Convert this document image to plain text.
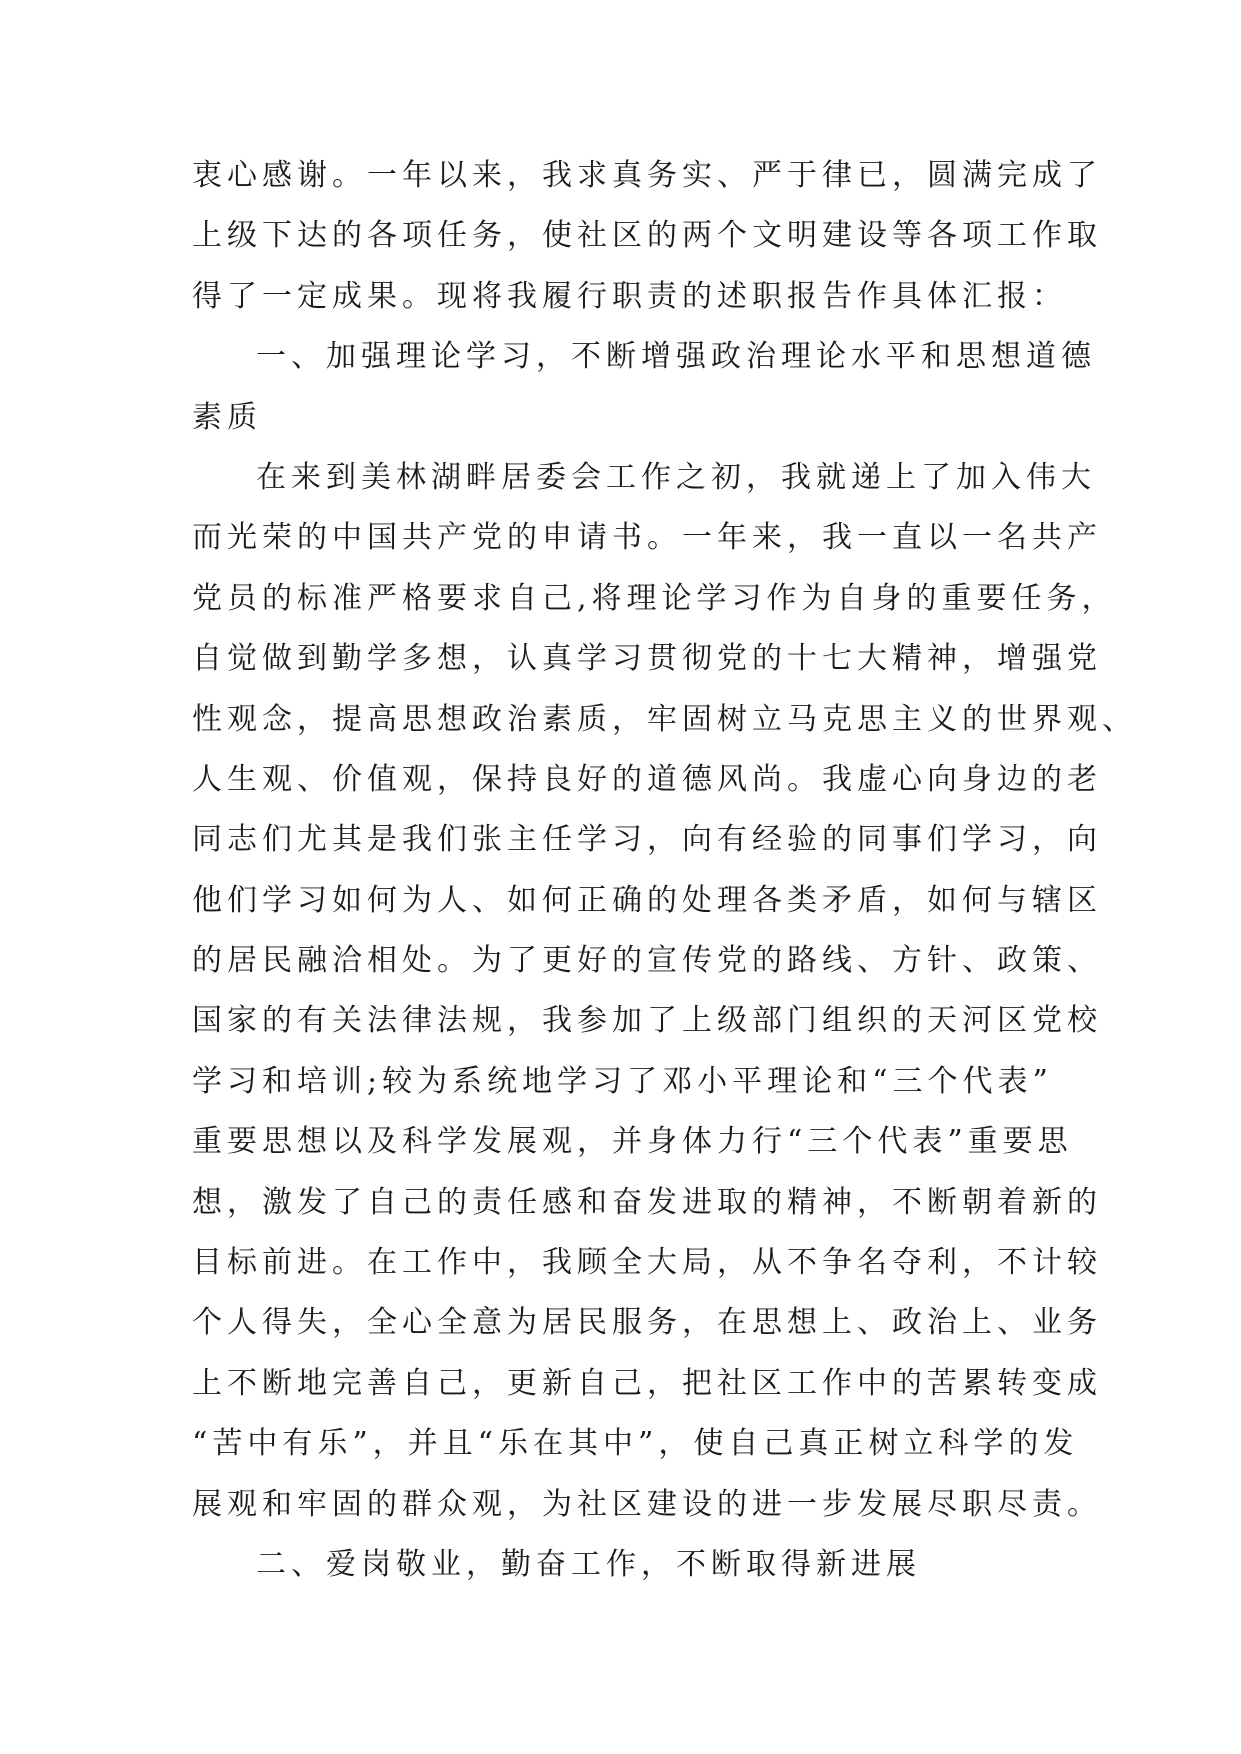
衷心感谢。一年以来，我求真务实、严于律已，圆满完成了
上级下达的各项任务，使社区的两个文明建设等各项工作取
得了一定成果。现将我履行职责的述职报告作具体汇报：
一、加强理论学习，不断增强政治理论水平和思想道德
素质
在来到美林湖畔居委会工作之初，我就递上了加入伟大
而光荣的中国共产党的申请书。一年来，我一直以一名共产
党员的标准严格要求自己,将理论学习作为自身的重要任务，
自觉做到勤学多想，认真学习贯彻党的十七大精神，增强党
性观念，提高思想政治素质，牢固树立马克思主义的世界观、
人生观、价值观，保持良好的道德风尚。我虚心向身边的老
同志们尤其是我们张主任学习，向有经验的同事们学习，向
他们学习如何为人、如何正确的处理各类矛盾，如何与辖区
的居民融洽相处。为了更好的宣传党的路线、方针、政策、
国家的有关法律法规，我参加了上级部门组织的天河区党校
学习和培训;较为系统地学习了邓小平理论和“三个代表”
重要思想以及科学发展观，并身体力行“三个代表”重要思
想，激发了自己的责任感和奋发进取的精神，不断朝着新的
目标前进。在工作中，我顾全大局，从不争名夺利，不计较
个人得失，全心全意为居民服务，在思想上、政治上、业务
上不断地完善自己，更新自己，把社区工作中的苦累转变成
“苦中有乐”，并且“乐在其中”，使自己真正树立科学的发
展观和牢固的群众观，为社区建设的进一步发展尽职尽责。
二、爱岗敬业，勤奋工作，不断取得新进展
